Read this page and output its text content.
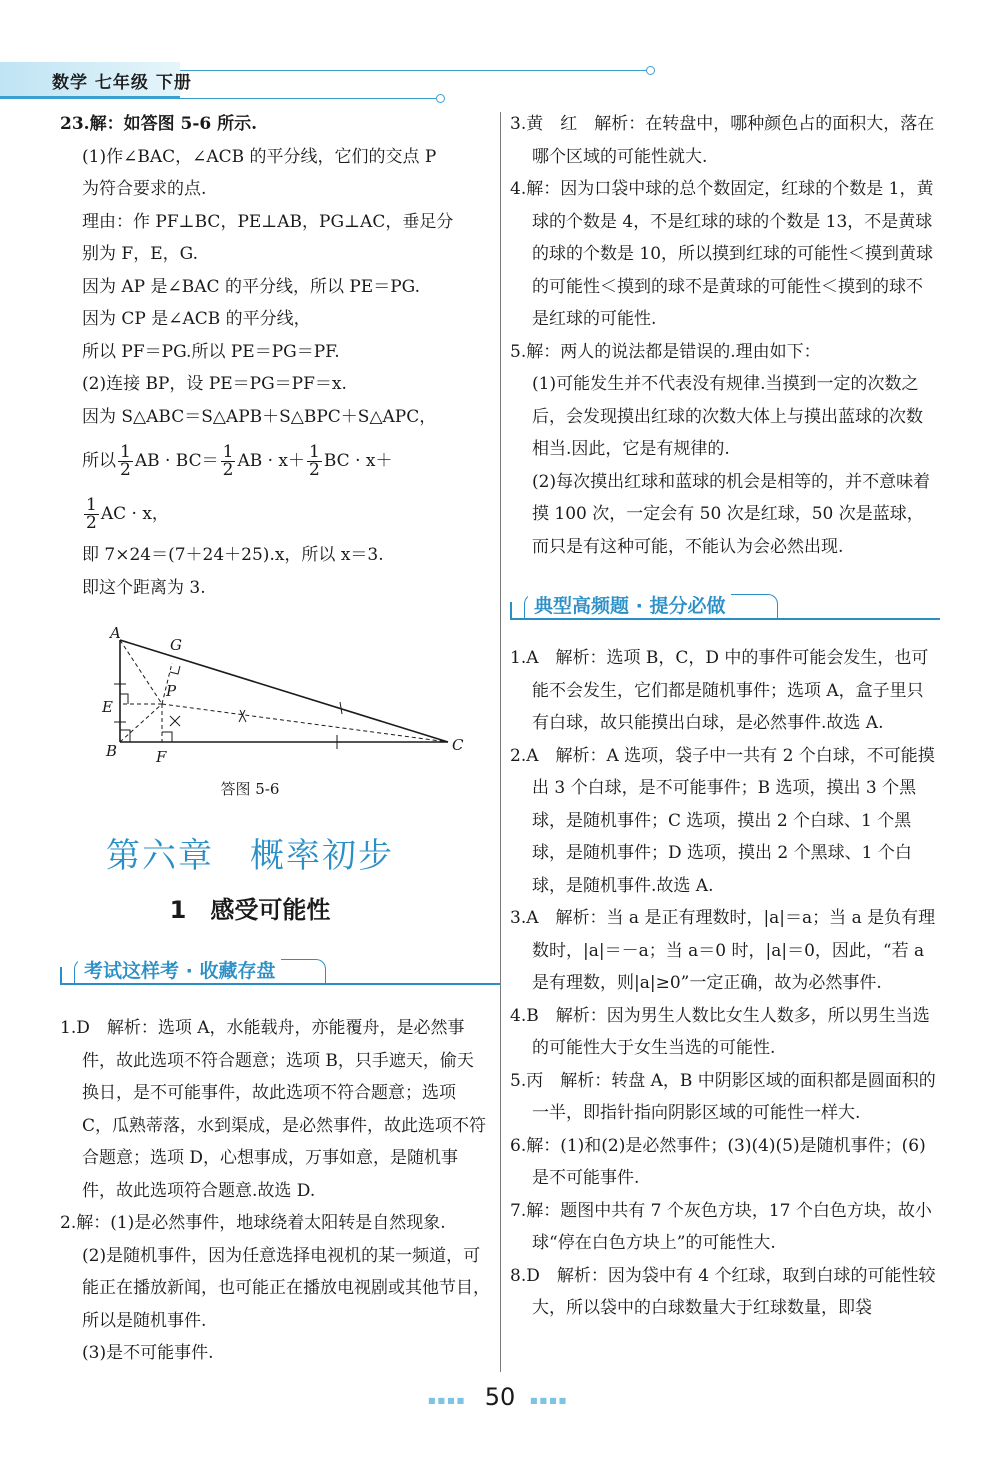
数学 七年级 下册

23.解：如答图 5-6 所示.

(1)作∠BAC，∠ACB 的平分线，它们的交点 P

为符合要求的点.

理由：作 PF⊥BC，PE⊥AB，PG⊥AC，垂足分

别为 F，E，G.

因为 AP 是∠BAC 的平分线，所以 PE＝PG.

因为 CP 是∠ACB 的平分线，

所以 PF＝PG.所以 PE＝PG＝PF.

(2)连接 BP，设 PE＝PG＝PF＝x.

因为 S△ABC＝S△APB＋S△BPC＋S△APC，

所以 $\frac{1}{2}$ AB · $BC= \frac{1}{2}$ AB · $x+ \frac{1}{2}$ BC · x＋

$\frac{1}{2}$ AC · x，

即 7×24＝(7＋24＋25).x，所以 x＝3.

即这个距离为 3.

A
B	C
E
F
G
P
答图 5-6
第六章　概率初步
1　感受可能性
考试这样考 · 收藏存盘

1.D　解析：选项 A，水能载舟，亦能覆舟，是必然事件，故此选项不符合题意；选项 B，只手遮天，偷天换日，是不可能事件，故此选项不符合题意；选项 C，瓜熟蒂落，水到渠成，是必然事件，故此选项不符合题意；选项 D，心想事成，万事如意，是随机事件，故此选项符合题意.故选 D.

2.解：(1)是必然事件，地球绕着太阳转是自然现象.

(2)是随机事件，因为任意选择电视机的某一频道，可能正在播放新闻，也可能正在播放电视剧或其他节目，所以是随机事件.

(3)是不可能事件.

3.黄　红　解析：在转盘中，哪种颜色占的面积大，落在哪个区域的可能性就大.

4.解：因为口袋中球的总个数固定，红球的个数是 1，黄球的个数是 4，不是红球的球的个数是 13，不是黄球的球的个数是 10，所以摸到红球的可能性＜摸到黄球的可能性＜摸到的球不是黄球的可能性＜摸到的球不是红球的可能性.

5.解：两人的说法都是错误的.理由如下：

(1)可能发生并不代表没有规律.当摸到一定的次数之后，会发现摸出红球的次数大体上与摸出蓝球的次数相当.因此，它是有规律的.

(2)每次摸出红球和蓝球的机会是相等的，并不意味着摸 100 次，一定会有 50 次是红球，50 次是蓝球，而只是有这种可能，不能认为会必然出现.

典型高频题 · 提分必做

1.A　解析：选项 B，C，D 中的事件可能会发生，也可能不会发生，它们都是随机事件；选项 A，盒子里只有白球，故只能摸出白球，是必然事件.故选 A.

2.A　解析：A 选项，袋子中一共有 2 个白球，不可能摸出 3 个白球，是不可能事件；B 选项，摸出 3 个黑球，是随机事件；C 选项，摸出 2 个白球、1 个黑球，是随机事件；D 选项，摸出 2 个黑球、1 个白球，是随机事件.故选 A.

3.A　解析：当 a 是正有理数时，|a|＝a；当 a 是负有理数时，|a|＝－a；当 a＝0 时，|a|＝0，因此，“若 a 是有理数，则|a|≥0”一定正确，故为必然事件.

4.B　解析：因为男生人数比女生人数多，所以男生当选的可能性大于女生当选的可能性.

5.丙　解析：转盘 A，B 中阴影区域的面积都是圆面积的一半，即指针指向阴影区域的可能性一样大.

6.解：(1)和(2)是必然事件；(3)(4)(5)是随机事件；(6)是不可能事件.

7.解：题图中共有 7 个灰色方块，17 个白色方块，故小球“停在白色方块上”的可能性大.

8.D　解析：因为袋中有 4 个红球，取到白球的可能性较大，所以袋中的白球数量大于红球数量，即袋

■■■■ 50	■■■■
